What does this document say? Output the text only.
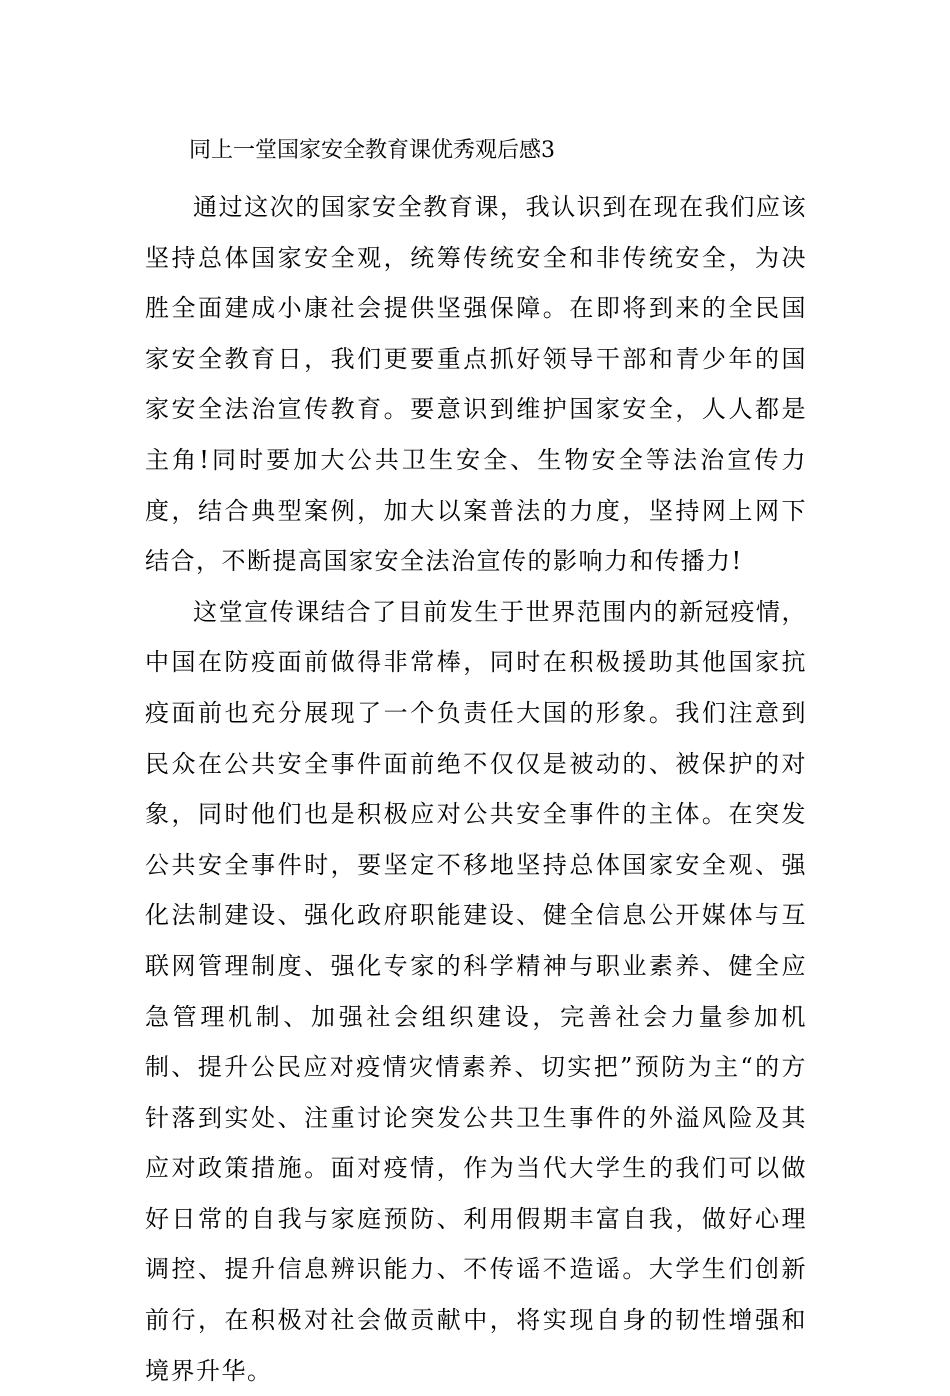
同上一堂国家安全教育课优秀观后感3

通过这次的国家安全教育课，我认识到在现在我们应该坚持总体国家安全观，统筹传统安全和非传统安全，为决胜全面建成小康社会提供坚强保障。在即将到来的全民国家安全教育日，我们更要重点抓好领导干部和青少年的国家安全法治宣传教育。要意识到维护国家安全，人人都是主角!同时要加大公共卫生安全、生物安全等法治宣传力度，结合典型案例，加大以案普法的力度，坚持网上网下结合，不断提高国家安全法治宣传的影响力和传播力!

这堂宣传课结合了目前发生于世界范围内的新冠疫情，中国在防疫面前做得非常棒，同时在积极援助其他国家抗疫面前也充分展现了一个负责任大国的形象。我们注意到民众在公共安全事件面前绝不仅仅是被动的、被保护的对象，同时他们也是积极应对公共安全事件的主体。在突发公共安全事件时，要坚定不移地坚持总体国家安全观、强化法制建设、强化政府职能建设、健全信息公开媒体与互联网管理制度、强化专家的科学精神与职业素养、健全应急管理机制、加强社会组织建设，完善社会力量参加机制、提升公民应对疫情灾情素养、切实把”预防为主“的方针落到实处、注重讨论突发公共卫生事件的外溢风险及其应对政策措施。面对疫情，作为当代大学生的我们可以做好日常的自我与家庭预防、利用假期丰富自我，做好心理调控、提升信息辨识能力、不传谣不造谣。大学生们创新前行，在积极对社会做贡献中，将实现自身的韧性增强和境界升华。
